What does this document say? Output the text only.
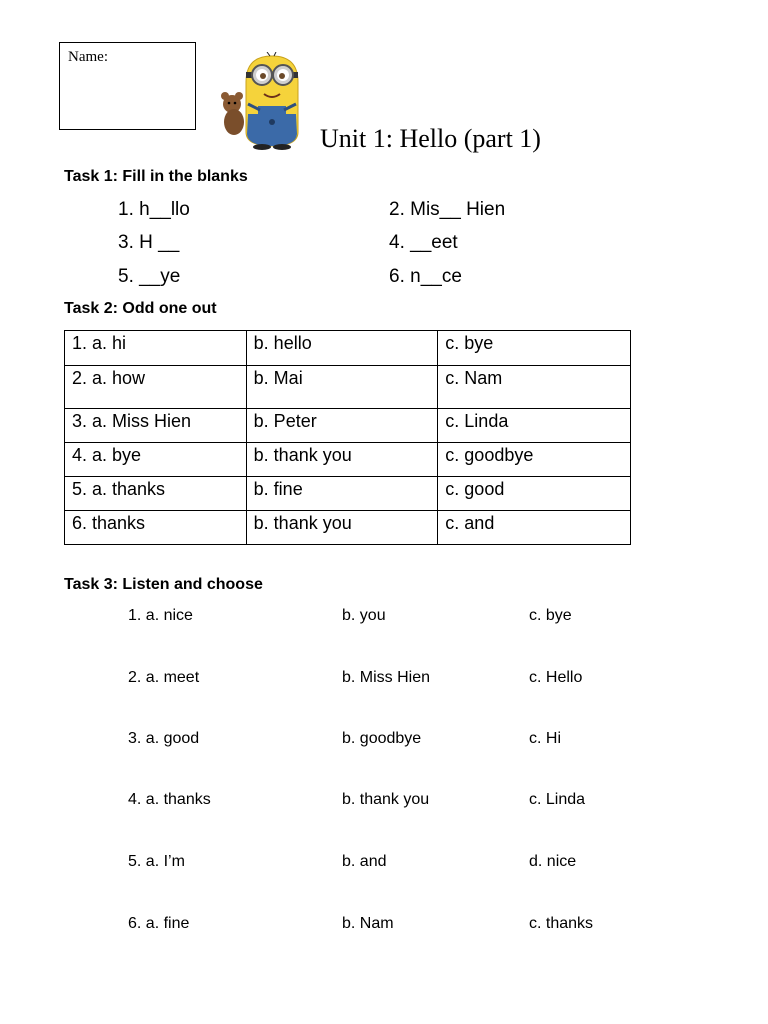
Name:
Unit 1: Hello (part 1)
Task 1: Fill in the blanks
1. h__llo	2. Mis__ Hien
3. H __	4. __eet
5. __ye	6. n__ce
Task 2: Odd one out
1. a. hi	b. hello	c. bye
2. a. how	b. Mai	c. Nam
3. a. Miss Hien	b. Peter	c. Linda
4. a. bye	b. thank you	c. goodbye
5. a. thanks	b. fine	c. good
6. thanks	b. thank you	c. and
Task 3: Listen and choose
1. a. nice	b. you	c. bye
2. a. meet	b. Miss Hien	c. Hello
3. a. good	b. goodbye	c. Hi
4. a. thanks	b. thank you	c. Linda
5. a. I’m	b. and	d. nice
6. a. fine	b. Nam	c. thanks
